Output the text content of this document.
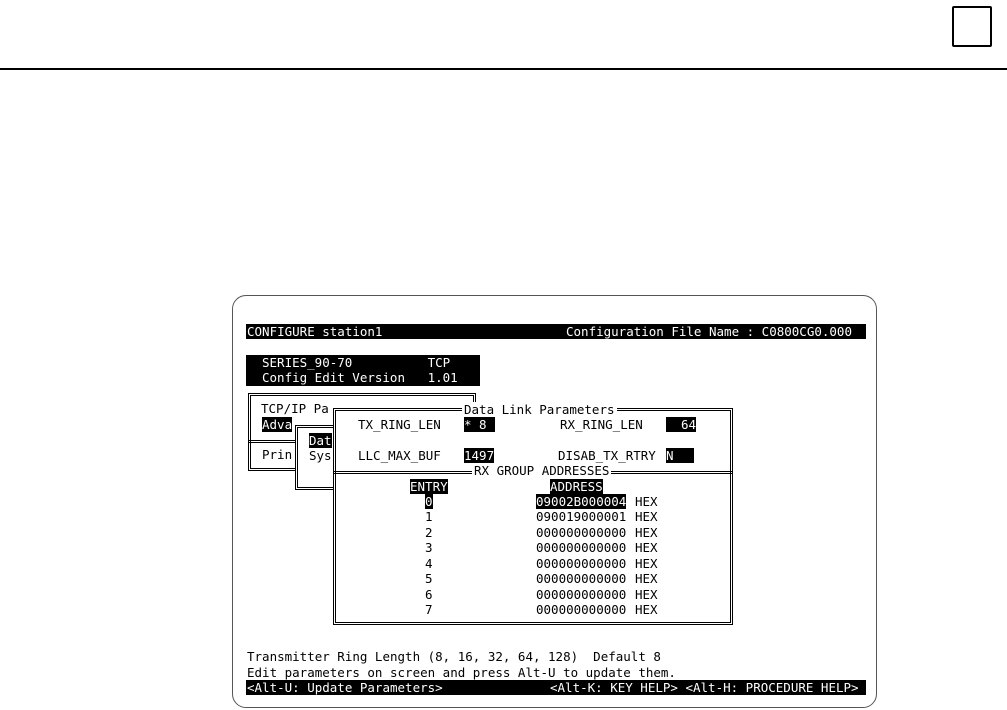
CONFIGURE station1	Configuration File Name : C0800CG0.000
SERIES_90-70          TCP
Config Edit Version   1.01
TCP/IP Pa
Adva
Prin
Dat
Sys
Data Link Parameters
TX_RING_LEN * 8	RX_RING_LEN	64
LLC_MAX_BUF 1497	DISAB_TX_RTRY N
RX GROUP ADDRESSES
ENTRY	ADDRESS
0	09002B000004 HEX
1	090019000001 HEX
2	000000000000 HEX
3	000000000000 HEX
4	000000000000 HEX
5	000000000000 HEX
6	000000000000 HEX
7	000000000000 HEX
Transmitter Ring Length (8, 16, 32, 64, 128)  Default 8
Edit parameters on screen and press Alt-U to update them.
<Alt-U: Update Parameters>	<Alt-K: KEY HELP> <Alt-H: PROCEDURE HELP>
